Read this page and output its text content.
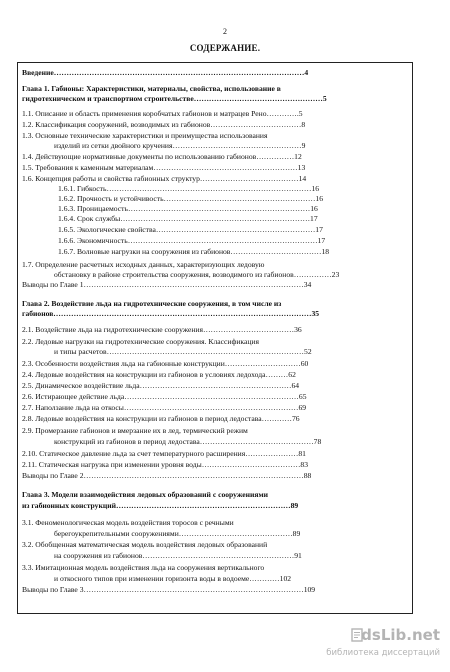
2
СОДЕРЖАНИЕ.
Введение………………………………………………………………………………………4
Глава 1. Габионы: Характеристики, материалы, свойства, использование в
гидротехническом и транспортном строительстве……………………………………………5
1.1. Описание и область применения коробчатых габионов и матрацев Рено………….5
1.2. Классификация сооружений, возводимых из габионов………………………………8
1.3. Основные технические характеристики и преимущества использования
изделий из сетки двойного кручения……………………………………………9
1.4. Действующие нормативные документы по использованию габионов……………12
1.5. Требования к каменным материалам…………………………………………………13
1.6. Концепция работы и свойства габионных структур…………………………………14
1.6.1. Гибкость………………………………………………………………………16
1.6.2. Прочность и устойчивость……………………………………………………16
1.6.3. Проницаемость………………………………………………………………16
1.6.4. Срок службы…………………………………………………………………17
1.6.5. Экологические свойства………………………………………………………17
1.6.6. Экономичность…………………………………………………………………17
1.6.7. Волновые нагрузки на сооружения из габионов………………………………18
1.7. Определение расчетных исходных данных, характеризующих ледовую
обстановку в районе строительства сооружения, возводимого из габионов……………23
Выводы по Главе 1……………………………………………………………………………34
Глава 2. Воздействие льда на гидротехнические сооружения, в том числе из
габионов…………………………………………………………………………………………35
2.1. Воздействие льда на гидротехнические сооружения………………………………36
2.2. Ледовые нагрузки на гидротехнические сооружения. Классификация
и типы расчетов……………………………………………………………………52
2.3. Особенности воздействия льда на габионные конструкции…………………………60
2.4. Ледовые воздействия на конструкции из габионов в условиях ледохода………62
2.5. Динамическое воздействие льда……………………………………………………64
2.6. Истирающее действие льда……………………………………………………………65
2.7. Наползание льда на откосы……………………………………………………………69
2.8. Ледовые воздействия на конструкции из габионов в период ледостава…………76
2.9. Промерзание габионов и вмерзание их в лед, термический режим
конструкций из габионов в период ледостава………………………………………78
2.10. Статическое давление льда за счет температурного расширения…………………81
2.11. Статическая нагрузка при изменении уровня воды…………………………………83
Выводы по Главе 2……………………………………………………………………………88
Глава 3. Модели взаимодействия ледовых образований с сооружениями
из габионных конструкций……………………………………………………………89
3.1. Феноменологическая модель воздействия торосов с речными
берегоукрепительными сооружениями………………………………………89
3.2. Обобщенная математическая модель воздействия ледовых образований
на сооружения из габионов……………………………………………………91
3.3. Имитационная модель воздействия льда на сооружения вертикального
и откосного типов при изменении горизонта воды в водоеме…………102
Выводы по Главе 3……………………………………………………………………………109
dsLib.net
библиотека диссертаций
